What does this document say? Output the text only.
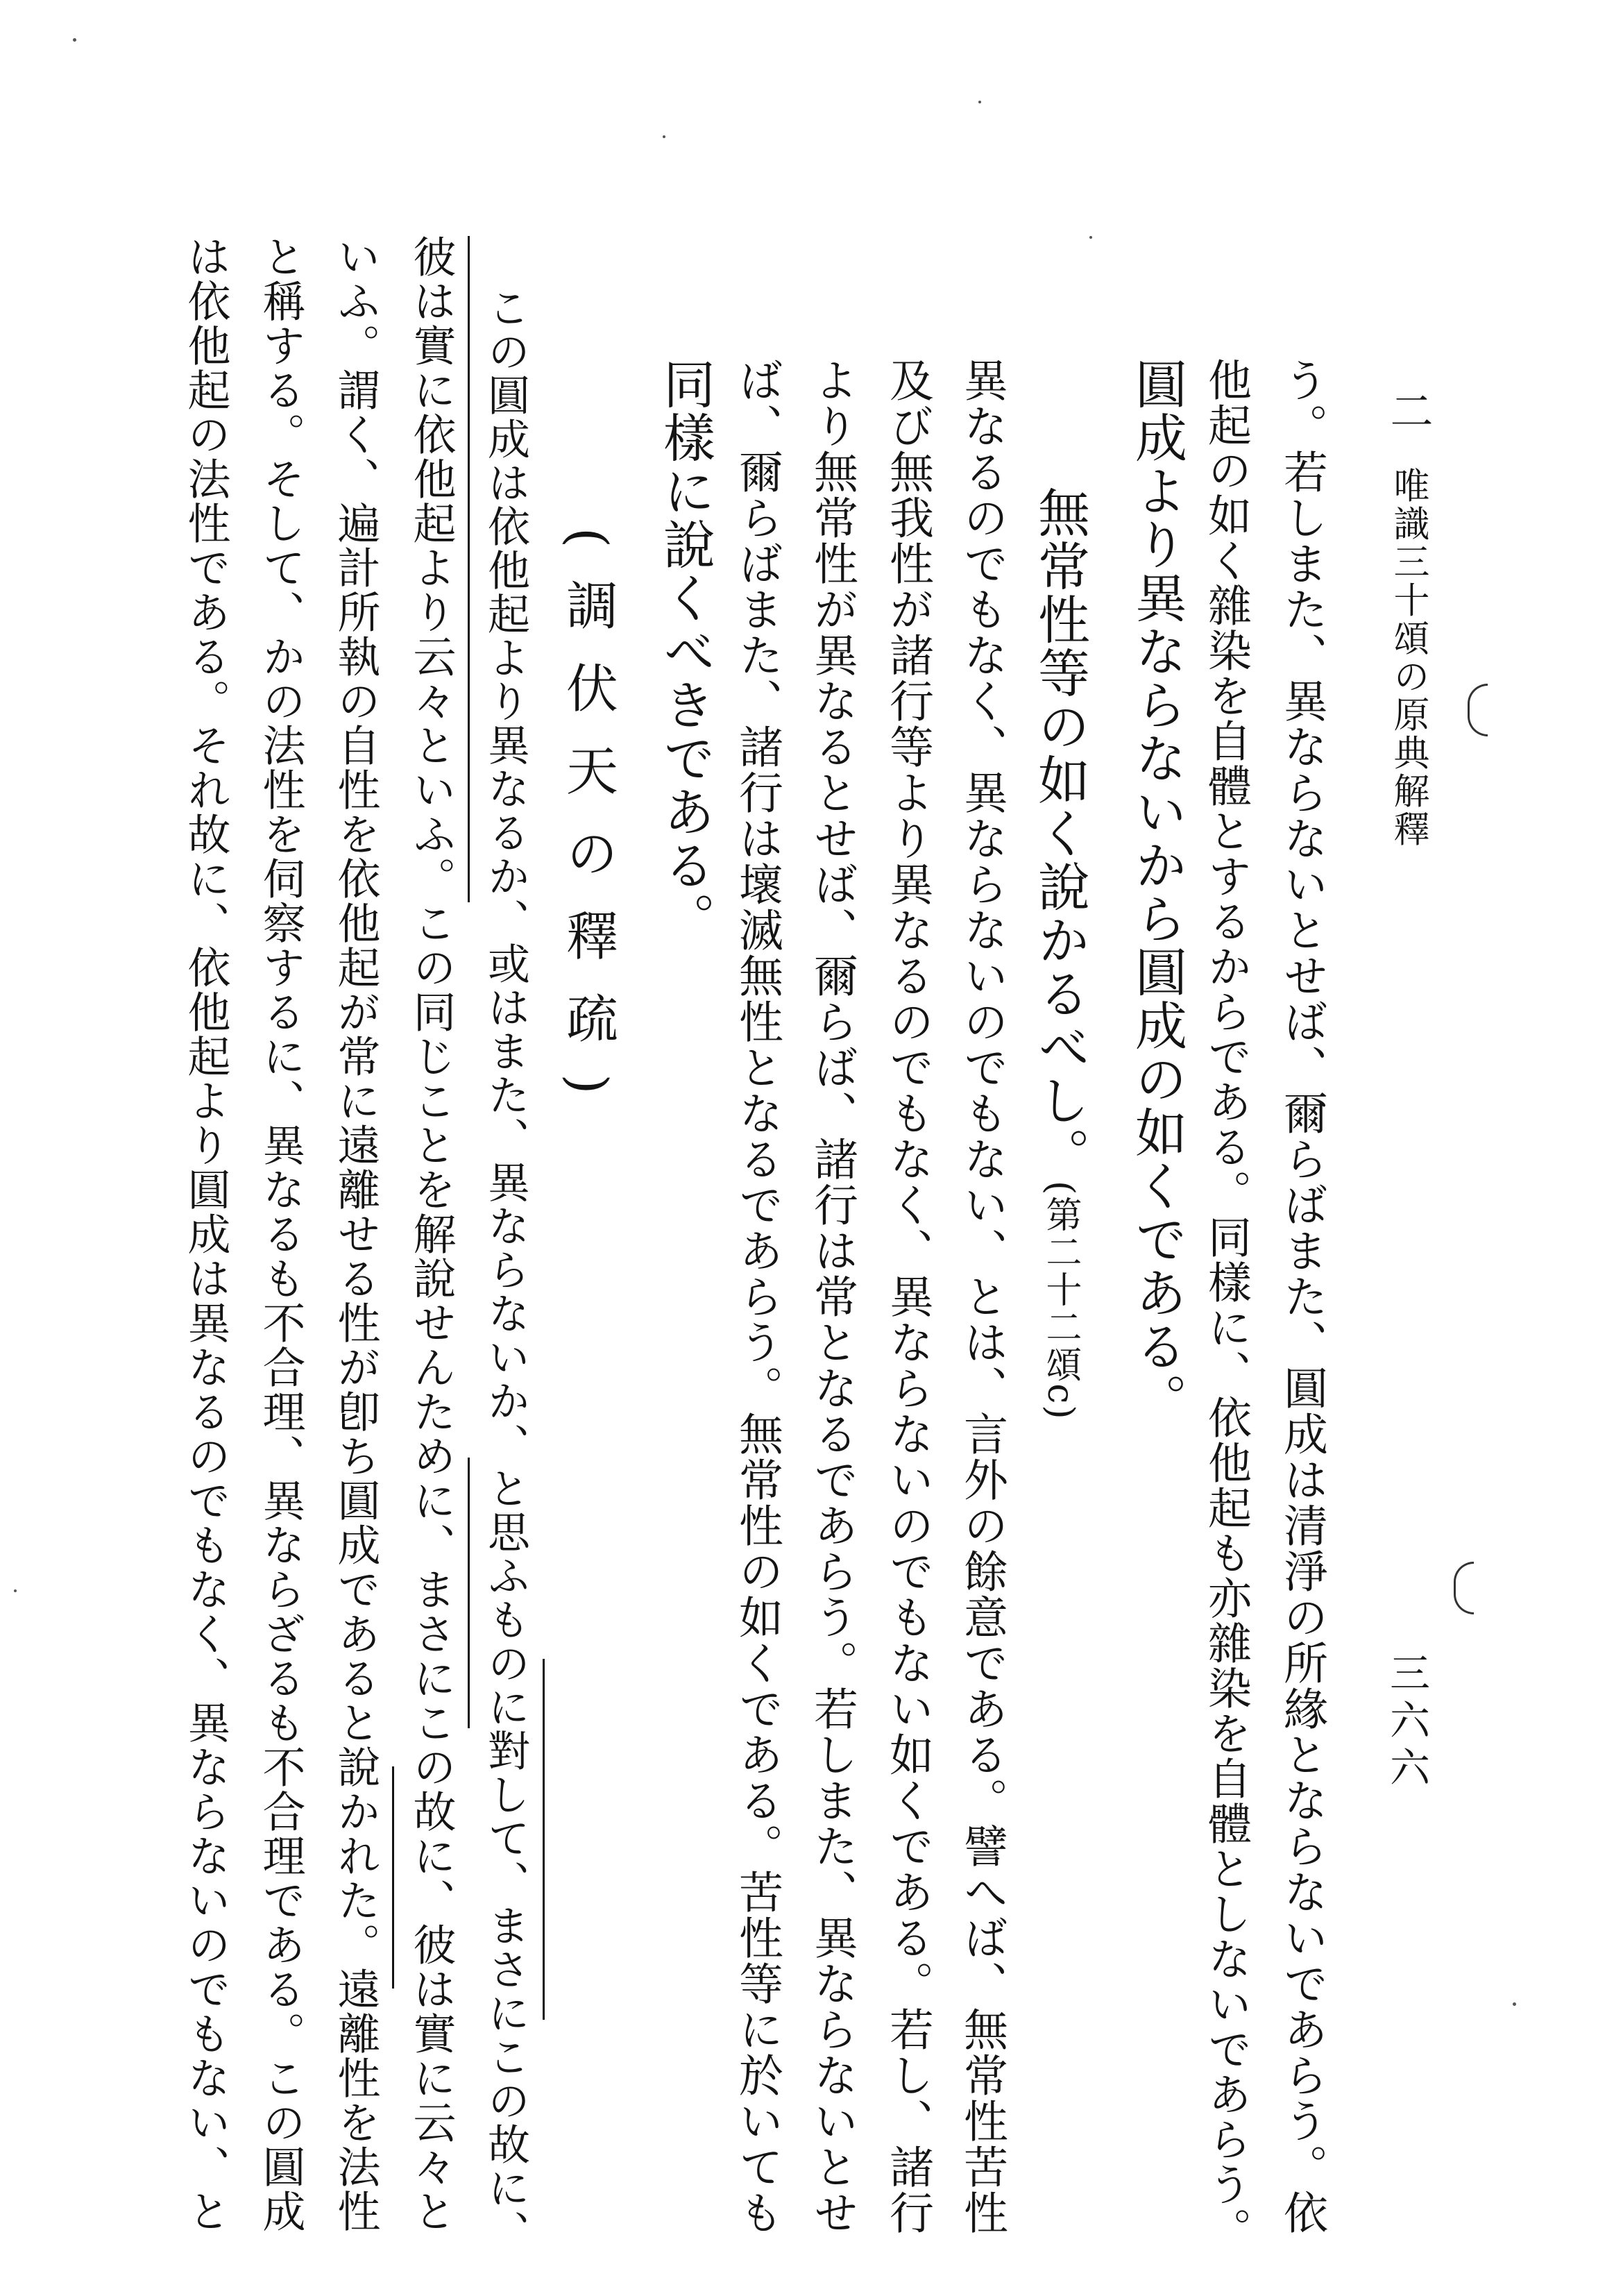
二 唯識三十頌の原典解釋
三六六
う。若しまた、異ならないとせば、爾らばまた、圓成は清淨の所緣とならないであらう。依
他起の如く雜染を自體とするからである。同樣に、依他起も亦雜染を自體としないであらう。
圓成より異ならないから圓成の如くである。
無常性等の如く說かるべし。(第二十二頌c)
異なるのでもなく、異ならないのでもない、とは、言外の餘意である。譬へば、無常性苦性
及び無我性が諸行等より異なるのでもなく、異ならないのでもない如くである。若し、諸行
より無常性が異なるとせば、爾らば、諸行は常となるであらう。若しまた、異ならないとせ
ば、爾らばまた、諸行は壞滅無性となるであらう。無常性の如くである。苦性等に於いても
同樣に說くべきである。
(調伏天の釋疏)
この圓成は依他起より異なるか、或はまた、異ならないか、と思ふものに對して、まさにこの故に、
彼は實に依他起より云々といふ。この同じことを解說せんために、まさにこの故に、彼は實に云々と
いふ。謂く、遍計所執の自性を依他起が常に遠離せる性が卽ち圓成であると說かれた。遠離性を法性
と稱する。そして、かの法性を伺察するに、異なるも不合理、異ならざるも不合理である。この圓成
は依他起の法性である。それ故に、依他起より圓成は異なるのでもなく、異ならないのでもない、と
